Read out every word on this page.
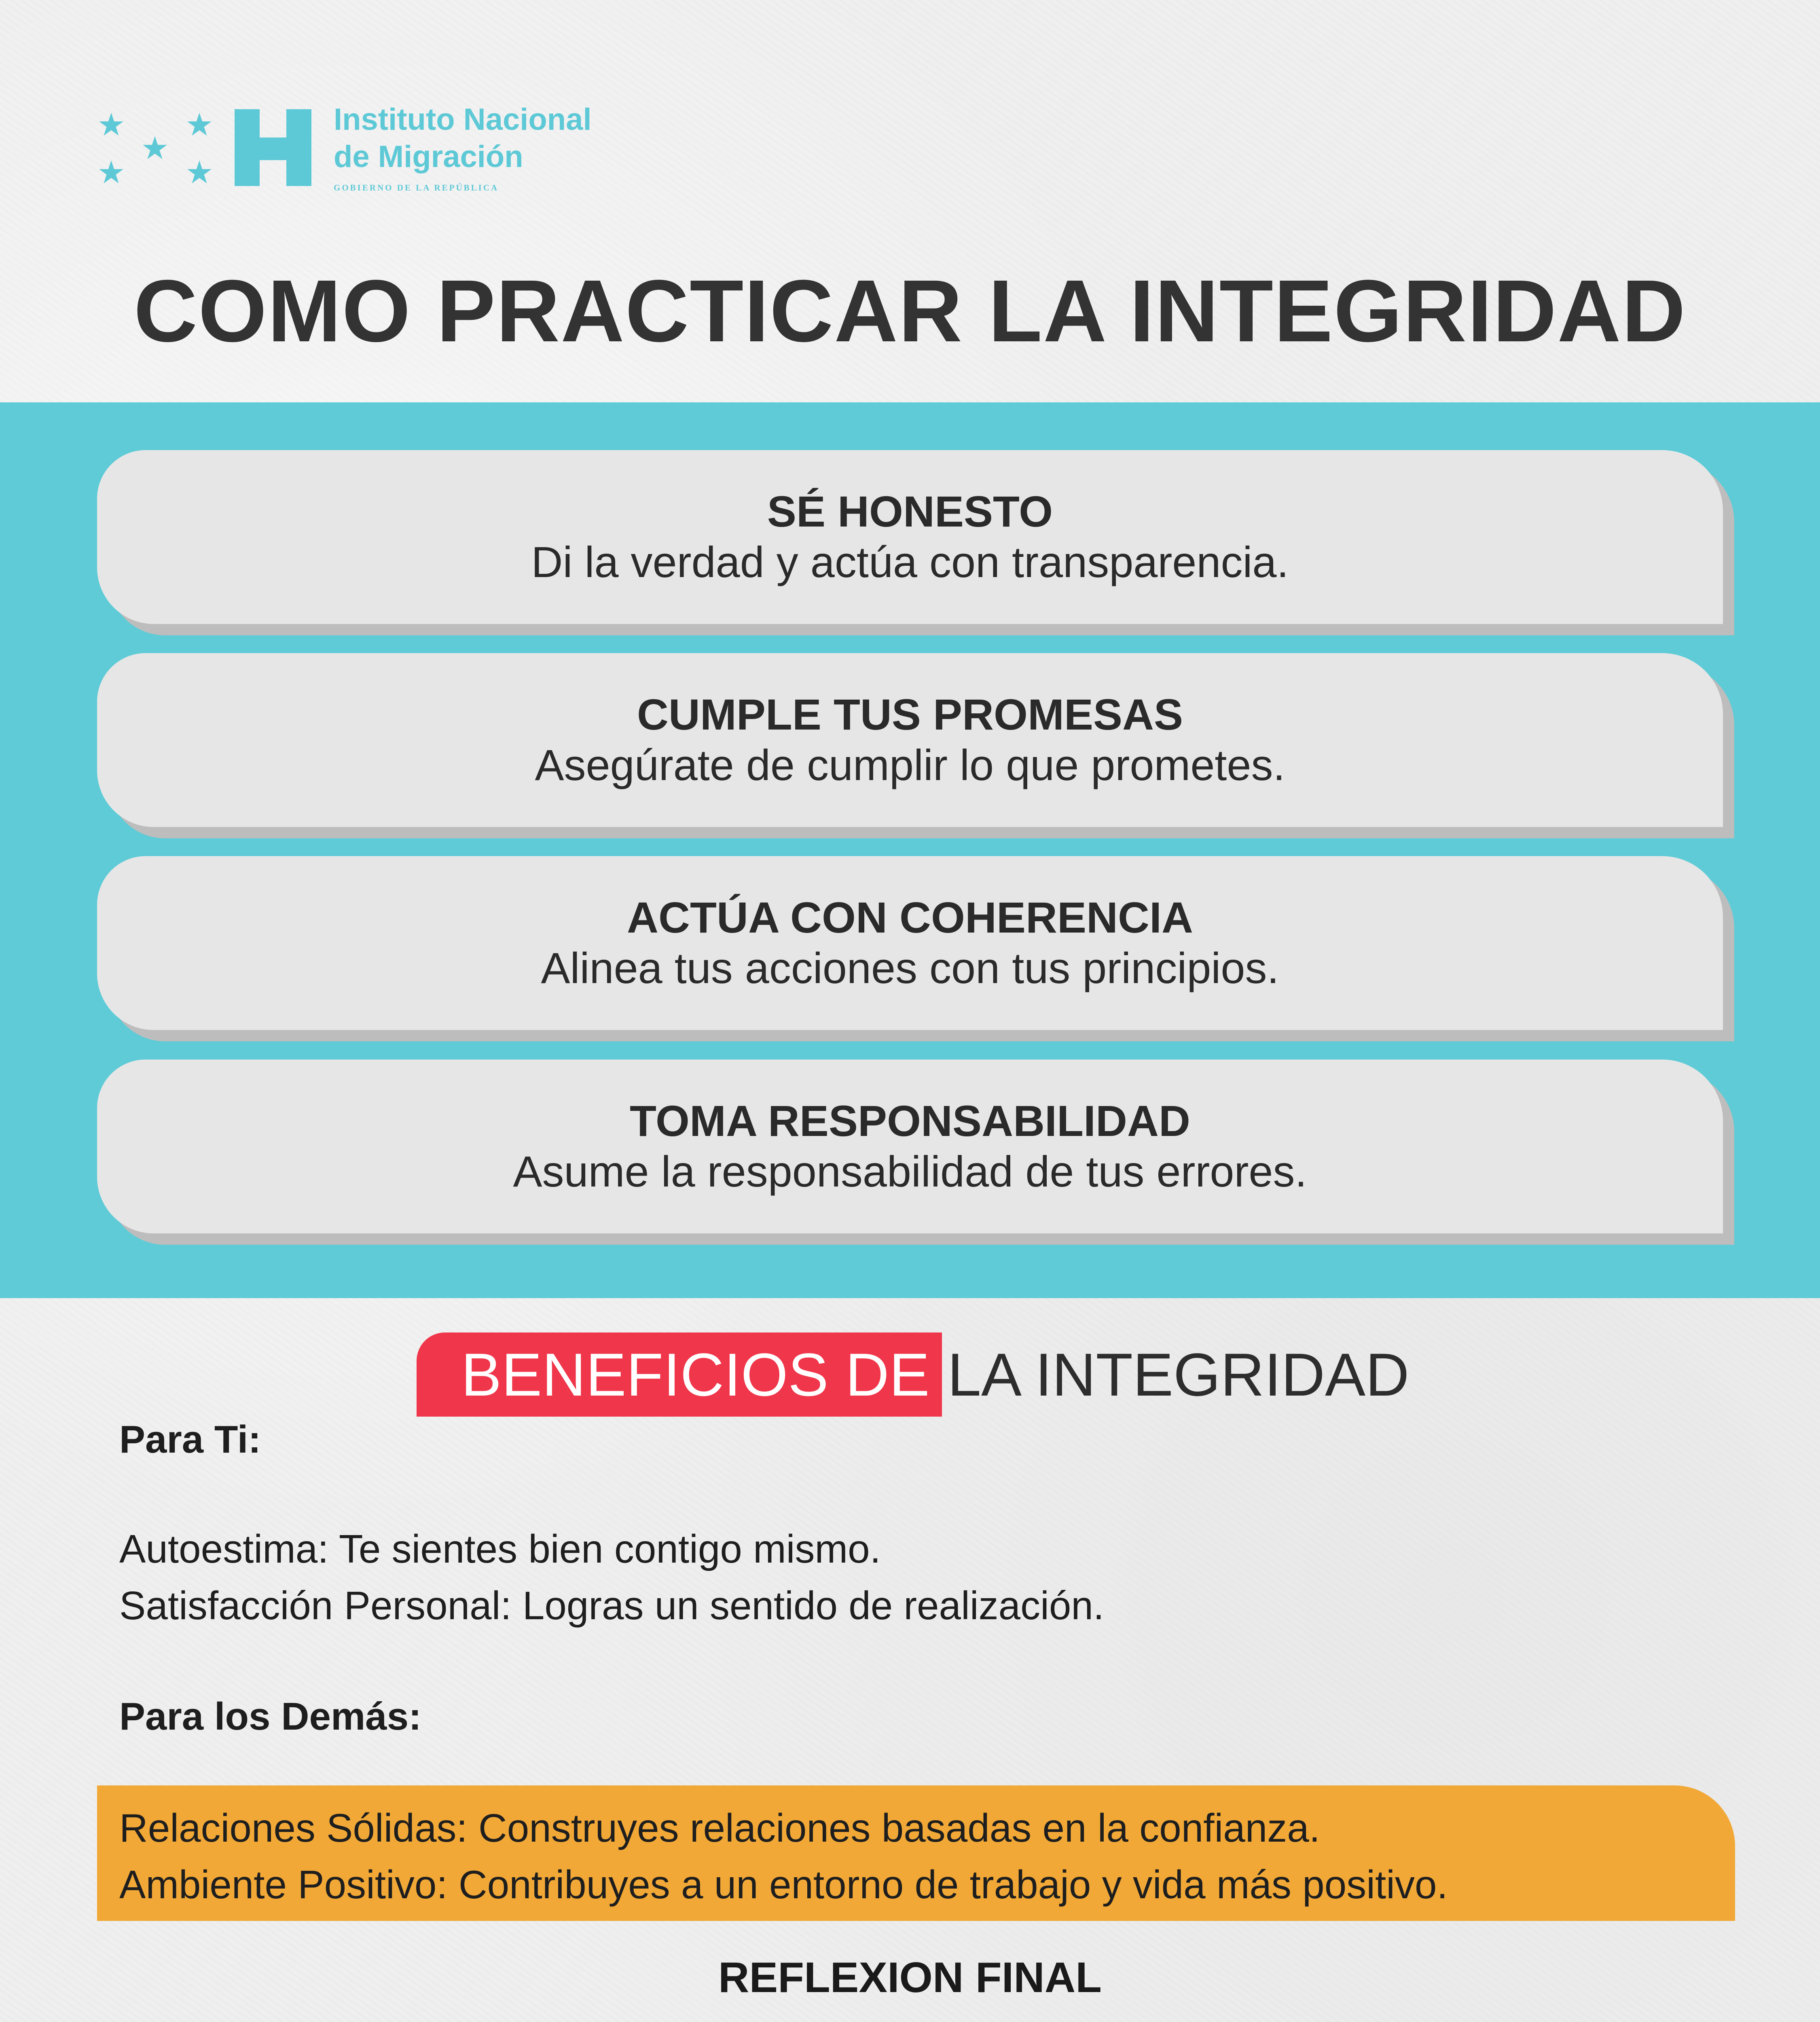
★
★
★
★ ★
Instituto Nacional
de Migración
GOBIERNO DE LA REPÚBLICA
COMO PRACTICAR LA INTEGRIDAD
SÉ HONESTO
Di la verdad y actúa con transparencia.
CUMPLE TUS PROMESAS
Asegúrate de cumplir lo que prometes.
ACTÚA CON COHERENCIA
Alinea tus acciones con tus principios.
TOMA RESPONSABILIDAD
Asume la responsabilidad de tus errores.
BENEFICIOS DE LA INTEGRIDAD
Para Ti:
Autoestima: Te sientes bien contigo mismo.
Satisfacción Personal: Logras un sentido de realización.
Para los Demás:
Relaciones Sólidas: Construyes relaciones basadas en la confianza.
Ambiente Positivo: Contribuyes a un entorno de trabajo y vida más positivo.
REFLEXION FINAL
